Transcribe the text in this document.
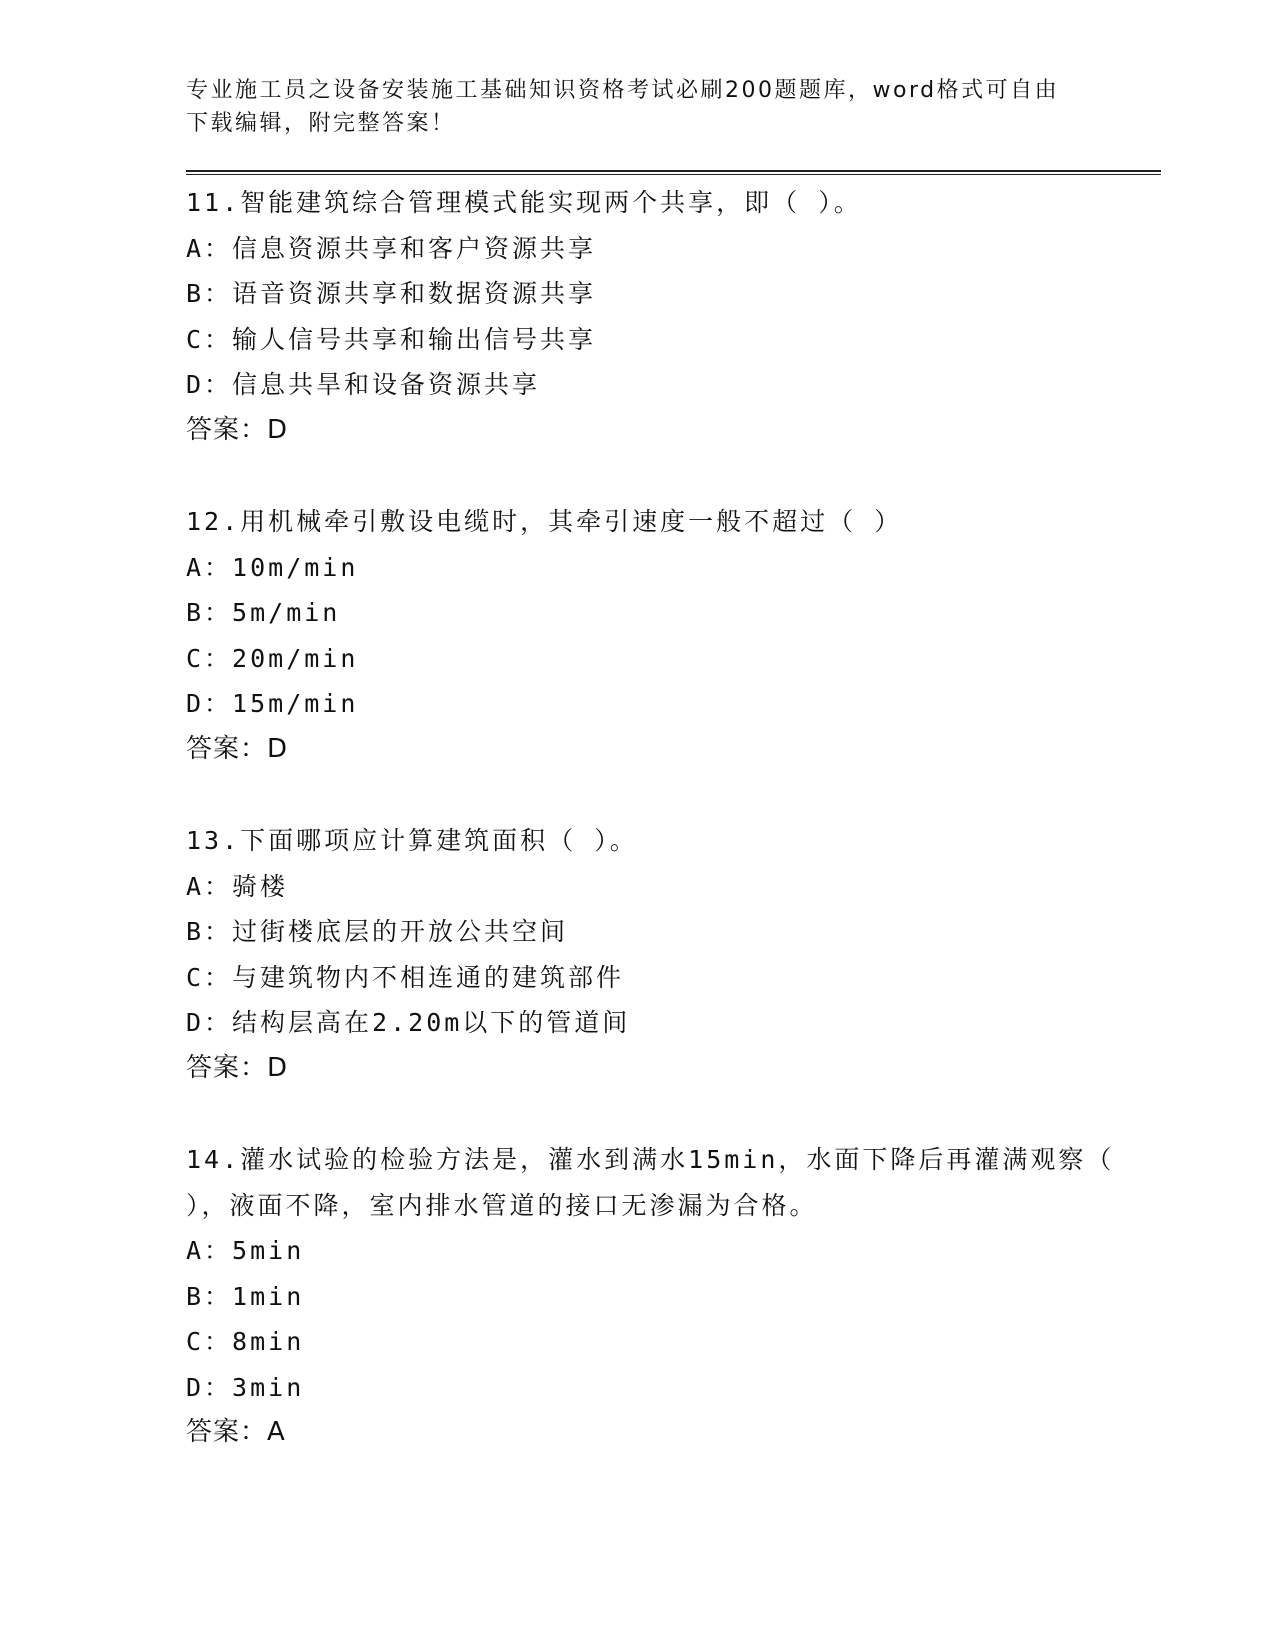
专业施工员之设备安装施工基础知识资格考试必刷200题题库，word格式可自由
下载编辑，附完整答案！
11.智能建筑综合管理模式能实现两个共享，即（ ）。
A：信息资源共享和客户资源共享
B：语音资源共享和数据资源共享
C：输人信号共享和输出信号共享
D：信息共旱和设备资源共享
答案：D
12.用机械牵引敷设电缆时，其牵引速度一般不超过（ ）
A：10m/min
B：5m/min
C：20m/min
D：15m/min
答案：D
13.下面哪项应计算建筑面积（ ）。
A：骑楼
B：过街楼底层的开放公共空间
C：与建筑物内不相连通的建筑部件
D：结构层高在2.20m以下的管道间
答案：D
14.灌水试验的检验方法是，灌水到满水15min，水面下降后再灌满观察（ ），液面不降，室内排水管道的接口无渗漏为合格。
A：5min
B：1min
C：8min
D：3min
答案：A
